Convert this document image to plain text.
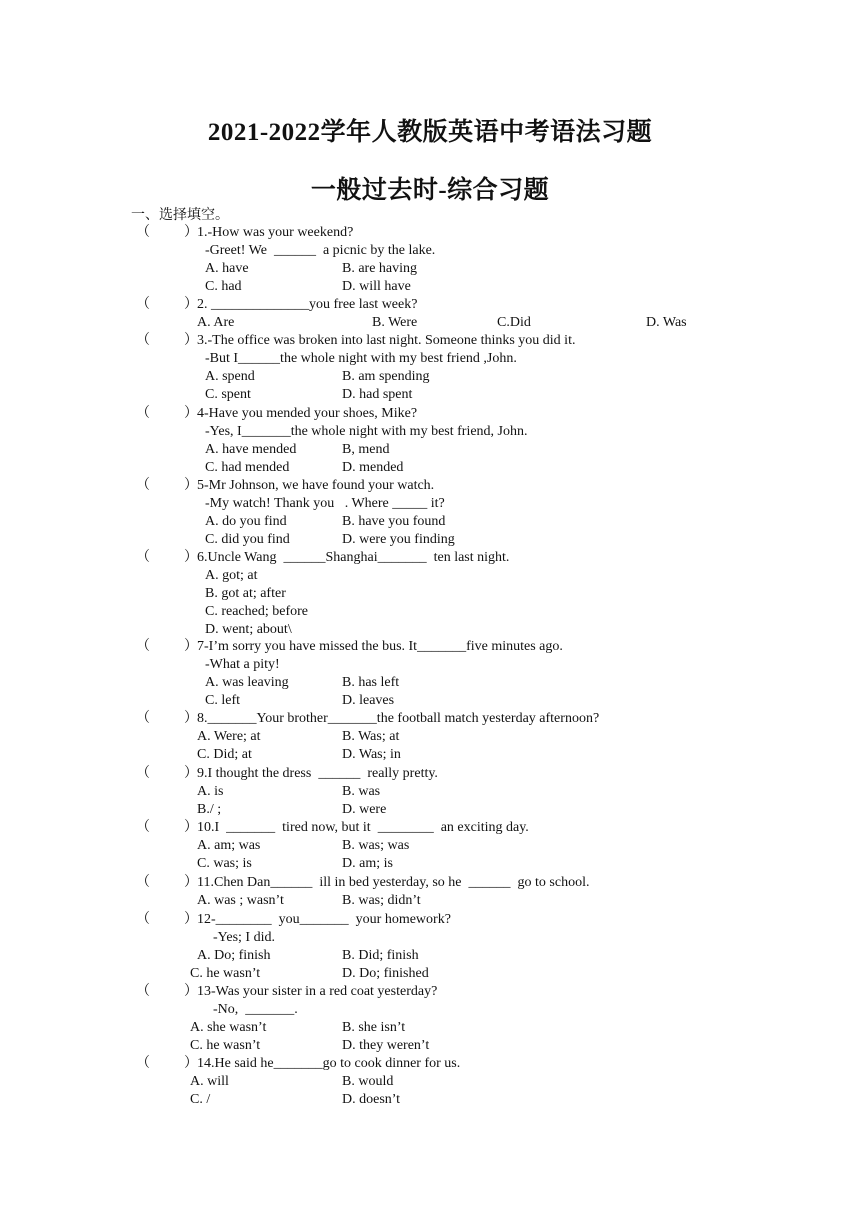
2021-2022学年人教版英语中考语法习题
一般过去时-综合习题
一、选择填空。
（ ） 1.-How was your weekend?
-Greet! We  ______  a picnic by the lake.
A. have	B. are having
C. had	D. will have
（ ） 2. ______________you free last week?
A. Are	B. Were	C.Did	D. Was
（ ） 3.-The office was broken into last night. Someone thinks you did it.
-But I______the whole night with my best friend ,John.
A. spend	B. am spending
C. spent	D. had spent
（ ） 4-Have you mended your shoes, Mike?
-Yes, I_______the whole night with my best friend, John.
A. have mended	B, mend
C. had mended	D. mended
（ ） 5-Mr Johnson, we have found your watch.
-My watch! Thank you   . Where _____ it?
A. do you find	B. have you found
C. did you find	D. were you finding
（ ） 6.Uncle Wang  ______Shanghai_______  ten last night.
A. got; at
B. got at; after
C. reached; before
D. went; about\
（ ） 7-I’m sorry you have missed the bus. It_______five minutes ago.
-What a pity!
A. was leaving	B. has left
C. left	D. leaves
（ ） 8._______Your brother_______the football match yesterday afternoon?
A. Were; at	B. Was; at
C. Did; at	D. Was; in
（ ） 9.I thought the dress  ______  really pretty.
A. is	B. was
B./ ;	D. were
（ ） 10.I  _______  tired now, but it  ________  an exciting day.
A. am; was	B. was; was
C. was; is	D. am; is
（ ） 11.Chen Dan______  ill in bed yesterday, so he  ______  go to school.
A. was ; wasn’t	B. was; didn’t
（ ） 12-________  you_______  your homework?
-Yes; I did.
A. Do; finish	B. Did; finish
C. he wasn’t	D. Do; finished
（ ） 13-Was your sister in a red coat yesterday?
-No,  _______.
A. she wasn’t	B. she isn’t
C. he wasn’t	D. they weren’t
（ ） 14.He said he_______go to cook dinner for us.
A. will	B. would
C. /	D. doesn’t
